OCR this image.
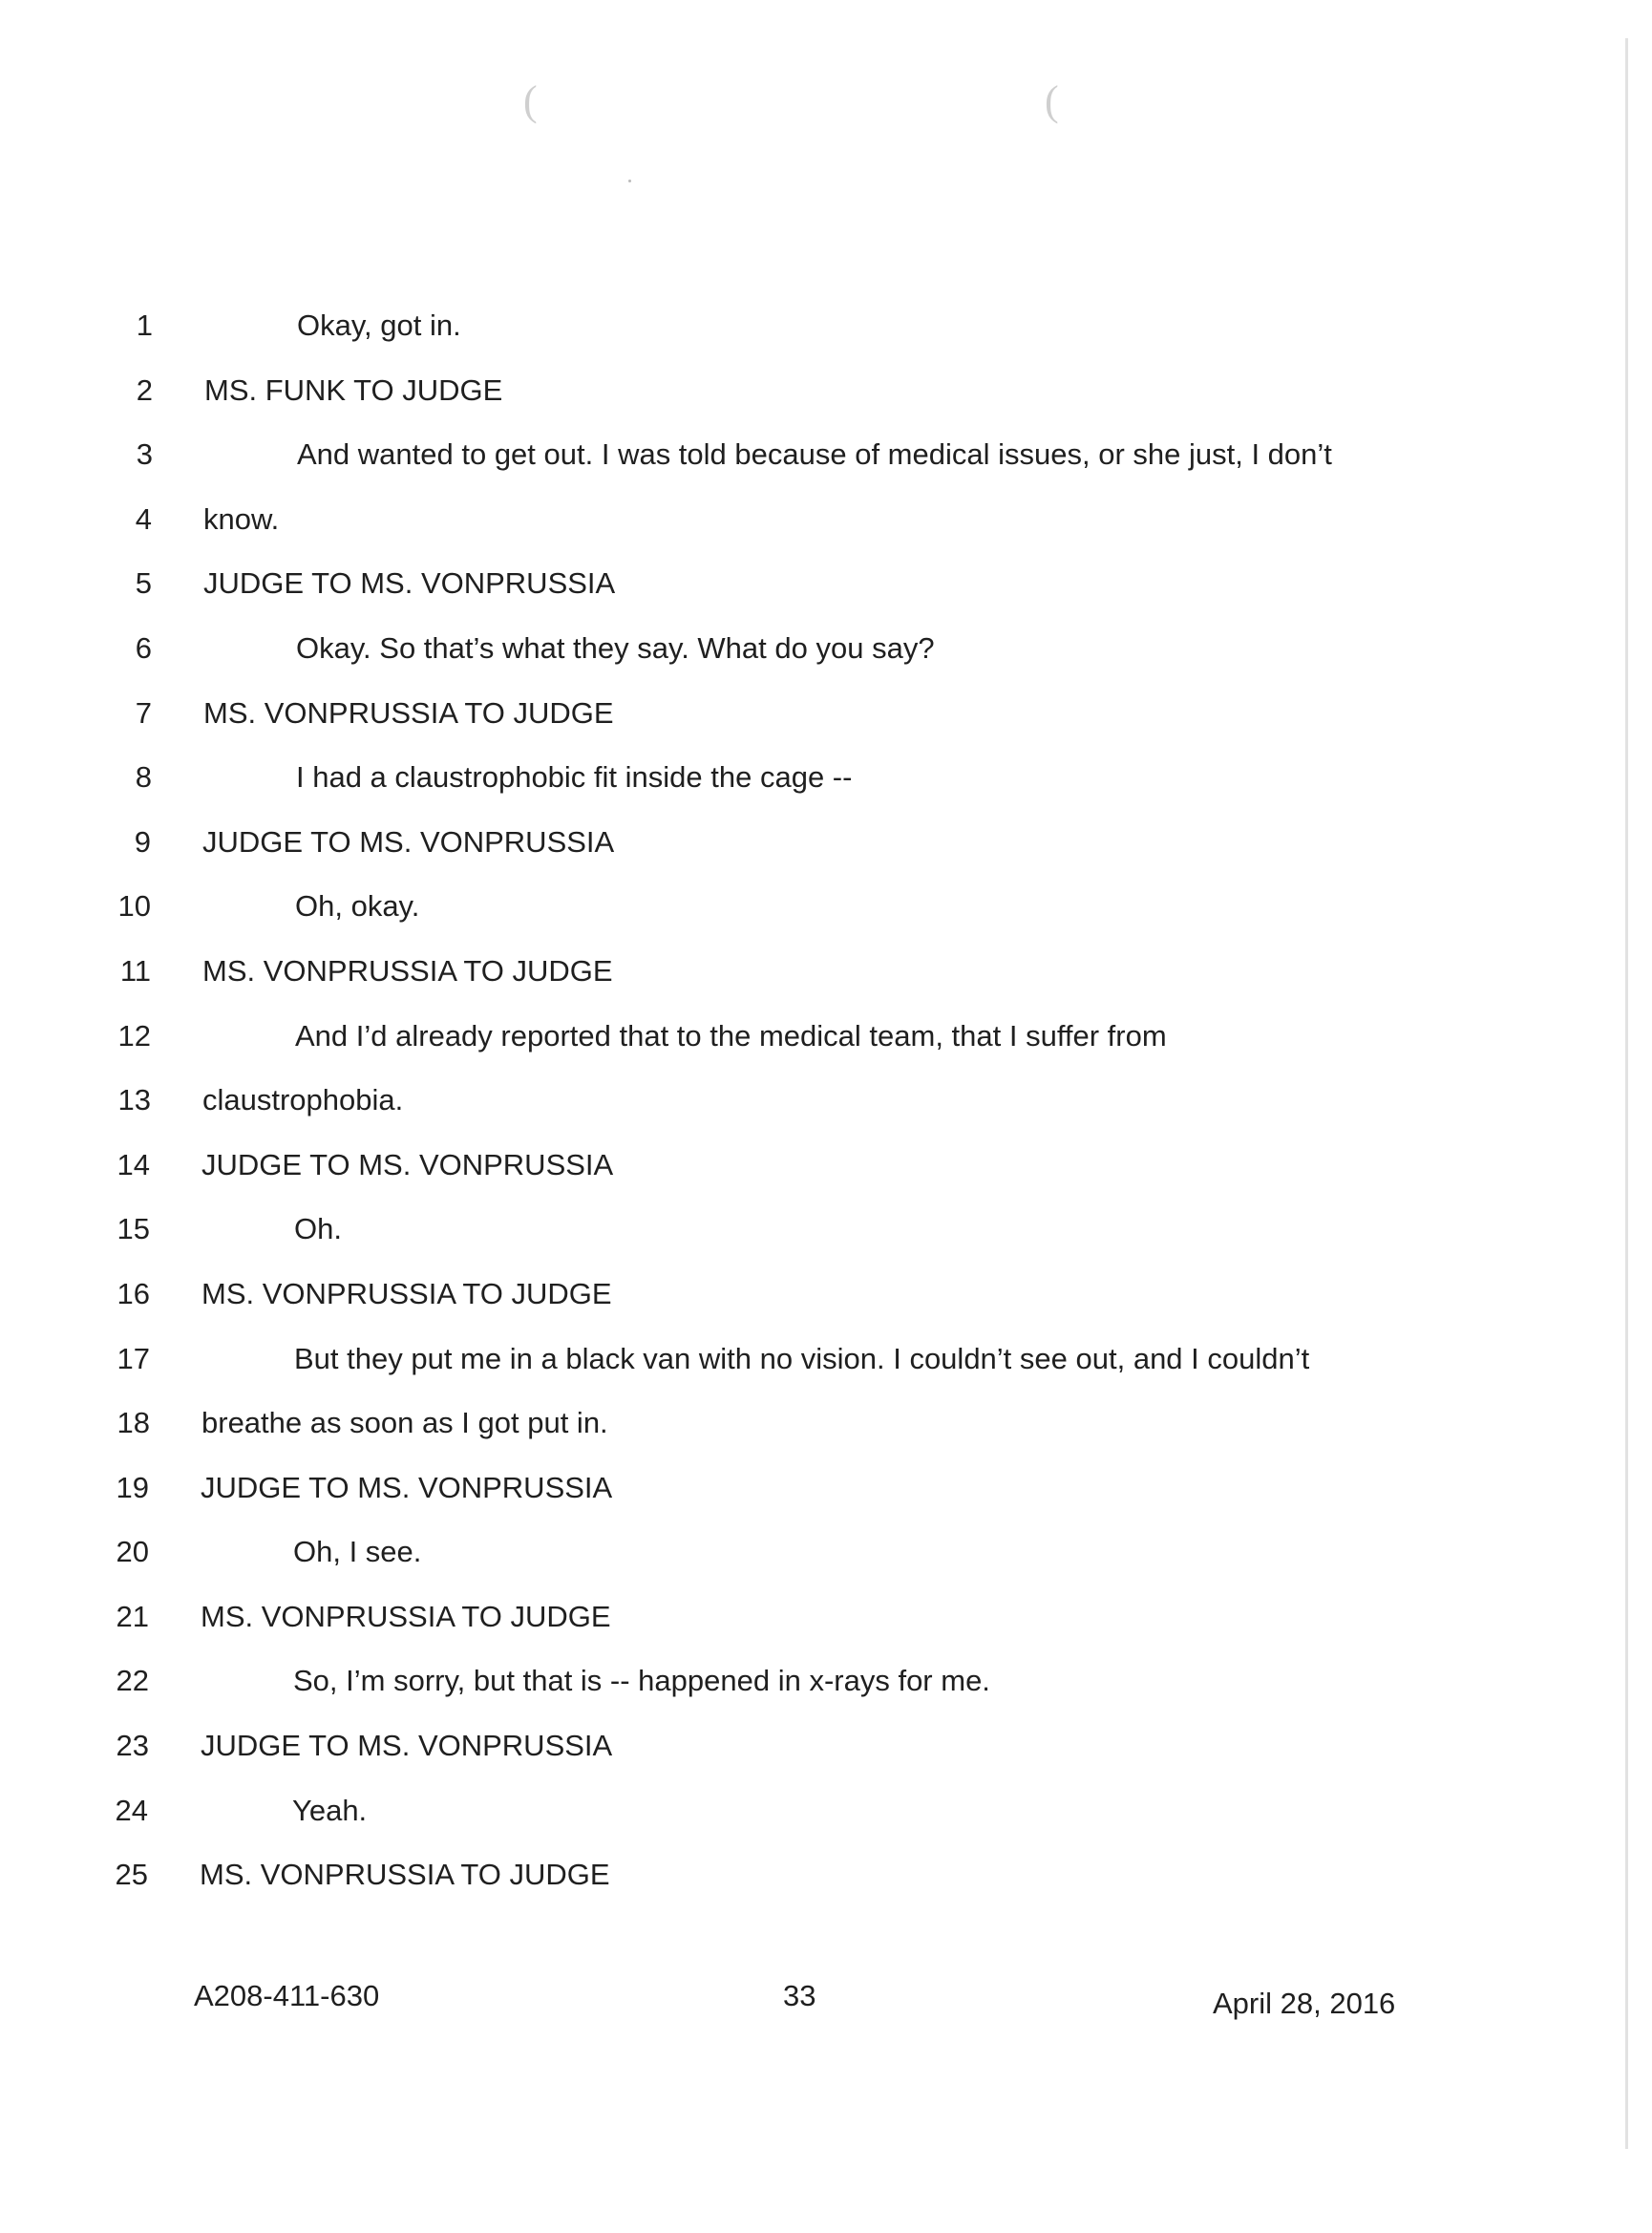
(	(
1	Okay, got in.
2 MS. FUNK TO JUDGE
3	And wanted to get out. I was told because of medical issues, or she just, I don’t
4 know.
5 JUDGE TO MS. VONPRUSSIA
6	Okay. So that’s what they say. What do you say?
7 MS. VONPRUSSIA TO JUDGE
8	I had a claustrophobic fit inside the cage --
9 JUDGE TO MS. VONPRUSSIA
10	Oh, okay.
11 MS. VONPRUSSIA TO JUDGE
12	And I’d already reported that to the medical team, that I suffer from
13 claustrophobia.
14 JUDGE TO MS. VONPRUSSIA
15	Oh.
16 MS. VONPRUSSIA TO JUDGE
17	But they put me in a black van with no vision. I couldn’t see out, and I couldn’t
18 breathe as soon as I got put in.
19 JUDGE TO MS. VONPRUSSIA
20	Oh, I see.
21 MS. VONPRUSSIA TO JUDGE
22	So, I’m sorry, but that is -- happened in x-rays for me.
23 JUDGE TO MS. VONPRUSSIA
24	Yeah.
25 MS. VONPRUSSIA TO JUDGE
A208-411-630	33	April 28, 2016
